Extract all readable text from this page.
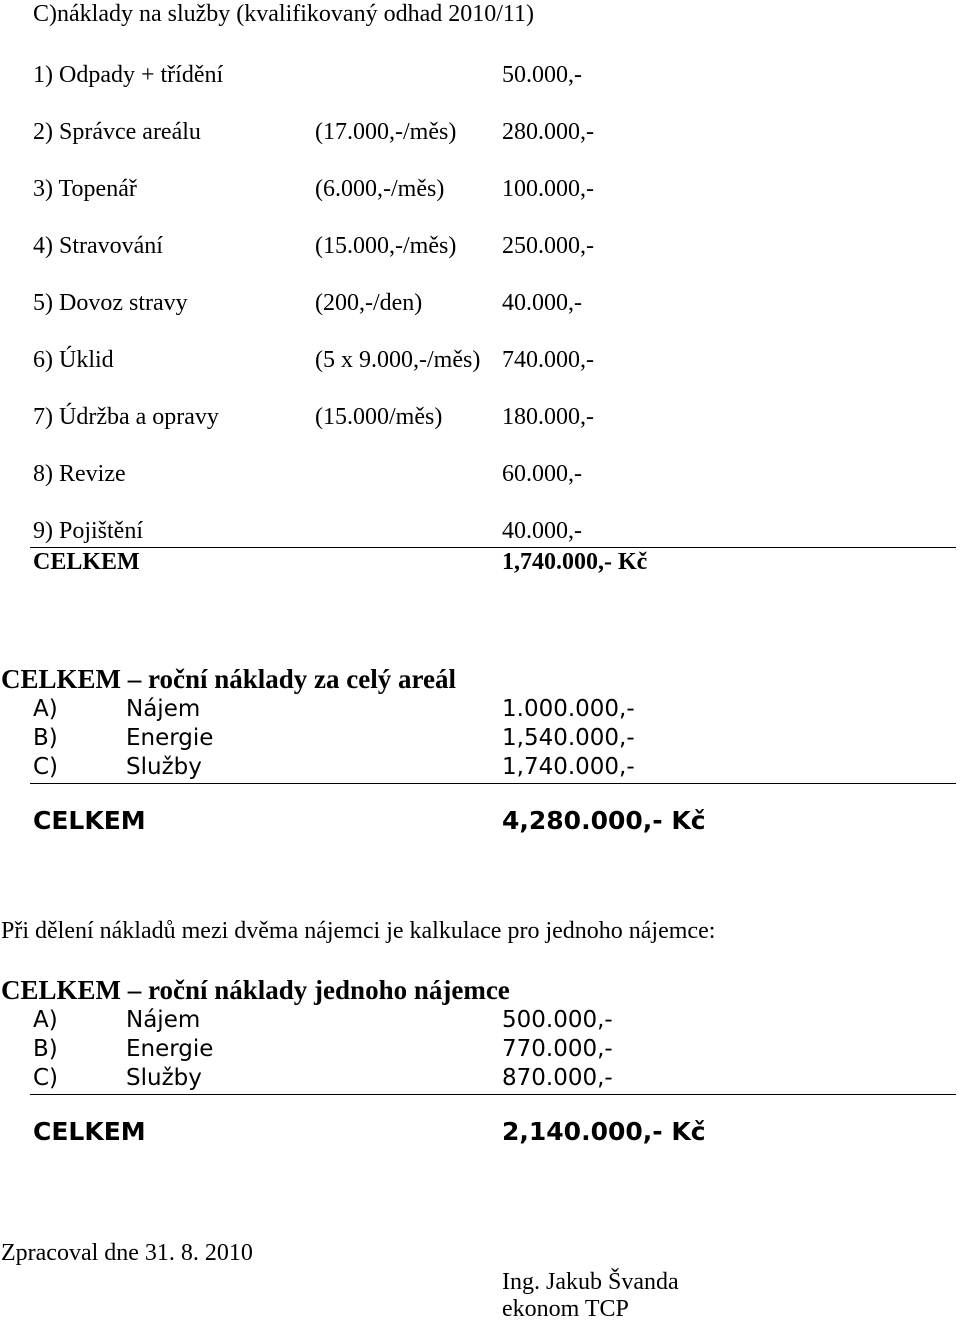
C)náklady na služby (kvalifikovaný odhad 2010/11)
1) Odpady + třídění	50.000,-
2) Správce areálu	(17.000,-/měs) 280.000,-
3) Topenář	(6.000,-/měs) 100.000,-
4) Stravování	(15.000,-/měs) 250.000,-
5) Dovoz stravy	(200,-/den)	40.000,-
6) Úklid	(5 x 9.000,-/měs) 740.000,-
7) Údržba a opravy	(15.000/měs) 180.000,-
8) Revize	60.000,-
9) Pojištění	40.000,-
CELKEM	1,740.000,- Kč
CELKEM – roční náklady za celý areál
A)	Nájem	1.000.000,-
B)	Energie	1,540.000,-
C)	Služby	1,740.000,-
CELKEM	4,280.000,- Kč
Při dělení nákladů mezi dvěma nájemci je kalkulace pro jednoho nájemce:
CELKEM – roční náklady jednoho nájemce
A)	Nájem	500.000,-
B)	Energie	770.000,-
C)	Služby	870.000,-
CELKEM	2,140.000,- Kč
Zpracoval dne 31. 8. 2010
Ing. Jakub Švanda
ekonom TCP
